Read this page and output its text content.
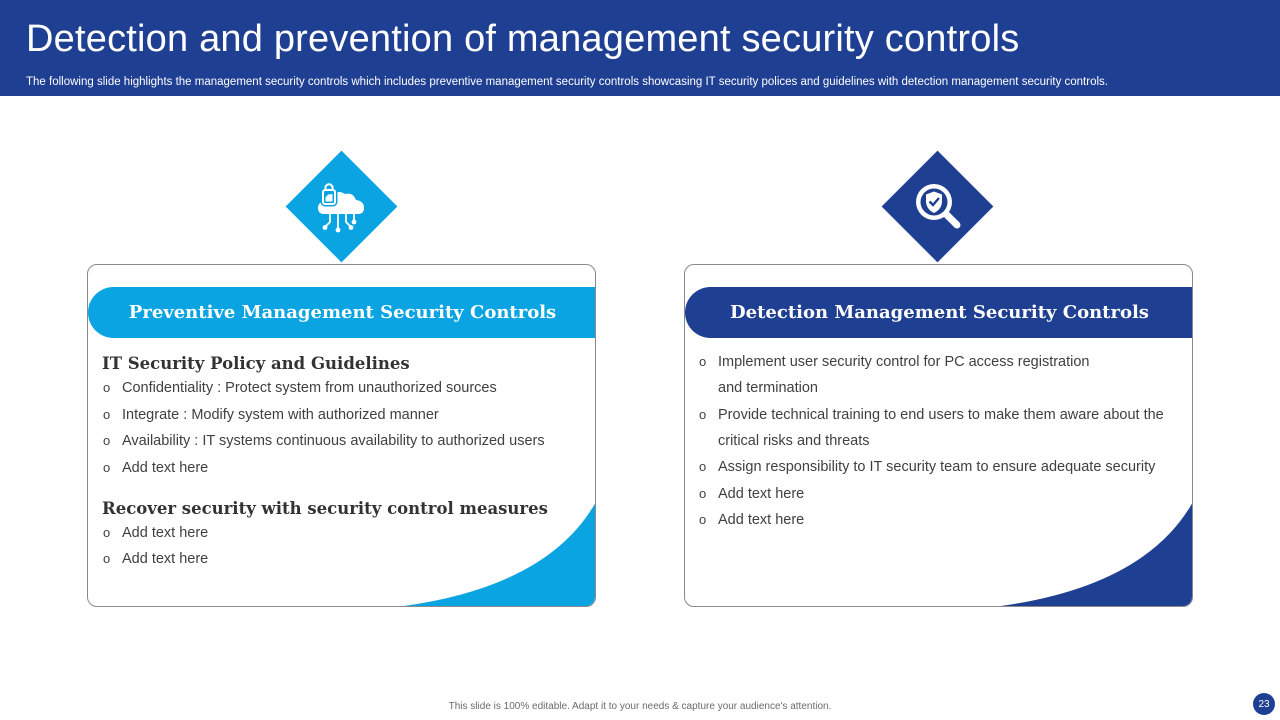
Detection and prevention of management security controls

The following slide highlights the management security controls which includes preventive management security controls showcasing IT security polices and guidelines with detection management security controls.

Preventive Management Security Controls
IT Security Policy and Guidelines
o Confidentiality : Protect system from unauthorized sources
o Integrate : Modify system with authorized manner
o Availability : IT systems continuous availability to authorized users
o Add text here
Recover security with security control measures
o Add text here
o Add text here
Detection Management Security Controls
o Implement user security control for PC access registration
and termination
o Provide technical training to end users to make them aware about the
critical risks and threats
o Assign responsibility to IT security team to ensure adequate security
o Add text here
o Add text here
This slide is 100% editable. Adapt it to your needs & capture your audience's attention.	23
